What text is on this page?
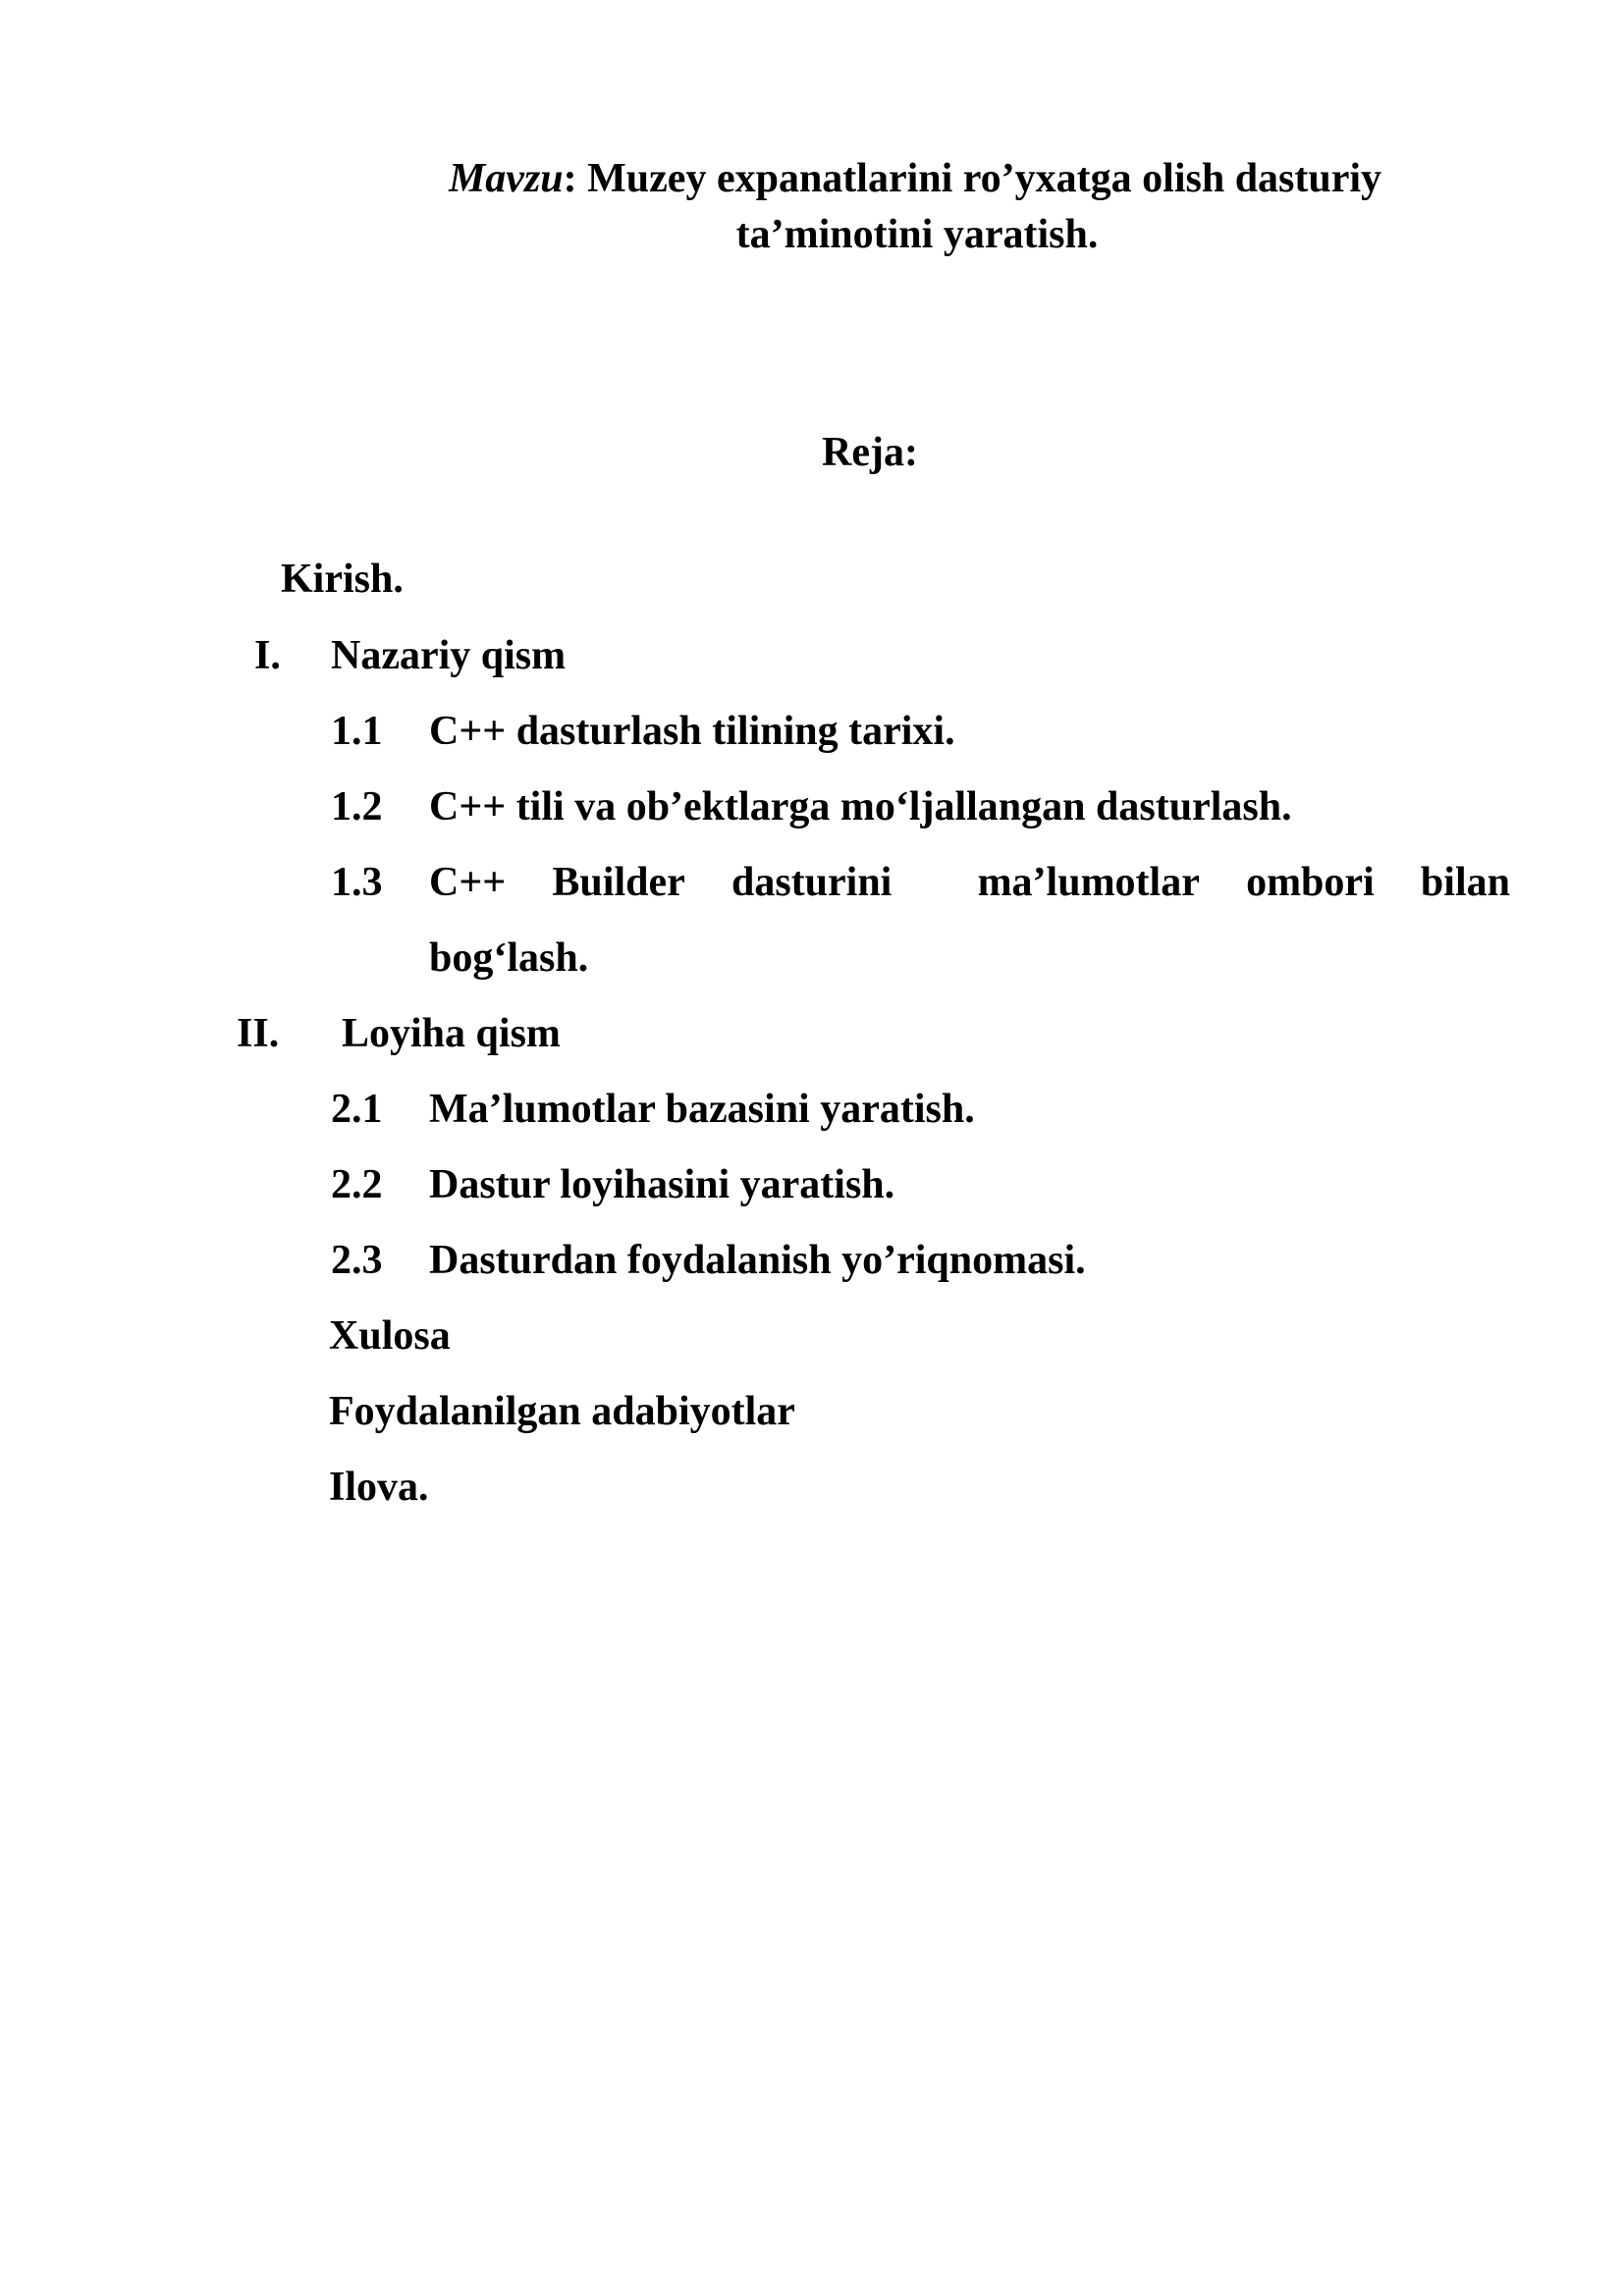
Mavzu: Muzey expanatlarini ro’yxatga olish dasturiy
ta’minotini yaratish.
Reja:
Kirish.
I. Nazariy qism
1.1 C++ dasturlash tilining tarixi.
1.2 C++ tili va ob’ektlarga mo‘ljallangan dasturlash.
1.3 C++ Builder dasturini ma’lumotlar ombori bilan
bog‘lash.
II. Loyiha qism
2.1 Ma’lumotlar bazasini yaratish.
2.2 Dastur loyihasini yaratish.
2.3 Dasturdan foydalanish yo’riqnomasi.
Xulosa
Foydalanilgan adabiyotlar
Ilova.
